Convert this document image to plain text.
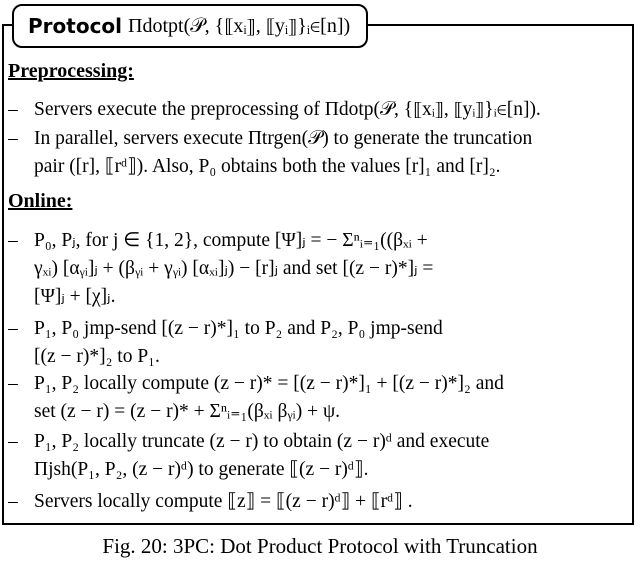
Protocol Πdotpt(𝒫, {⟦xᵢ⟧, ⟦yᵢ⟧}ᵢ∈[n])
Preprocessing:
– Servers execute the preprocessing of Πdotp(𝒫, {⟦xᵢ⟧, ⟦yᵢ⟧}ᵢ∈[n]).
– In parallel, servers execute Πtrgen(𝒫) to generate the truncation
pair ([r], ⟦rᵈ⟧). Also, P₀ obtains both the values [r]₁ and [r]₂.
Online:
– P₀, Pⱼ, for j ∈ {1, 2}, compute [Ψ]ⱼ = − Σⁿᵢ₌₁((βₓᵢ +
γₓᵢ) [αᵧᵢ]ⱼ + (βᵧᵢ + γᵧᵢ) [αₓᵢ]ⱼ) − [r]ⱼ and set [(z − r)*]ⱼ =
[Ψ]ⱼ + [χ]ⱼ.
– P₁, P₀ jmp-send [(z − r)*]₁ to P₂ and P₂, P₀ jmp-send
[(z − r)*]₂ to P₁.
– P₁, P₂ locally compute (z − r)* = [(z − r)*]₁ + [(z − r)*]₂ and
set (z − r) = (z − r)* + Σⁿᵢ₌₁(βₓᵢ βᵧᵢ) + ψ.
– P₁, P₂ locally truncate (z − r) to obtain (z − r)ᵈ and execute
Πjsh(P₁, P₂, (z − r)ᵈ) to generate ⟦(z − r)ᵈ⟧.
– Servers locally compute ⟦z⟧ = ⟦(z − r)ᵈ⟧ + ⟦rᵈ⟧ .
Fig. 20: 3PC: Dot Product Protocol with Truncation
